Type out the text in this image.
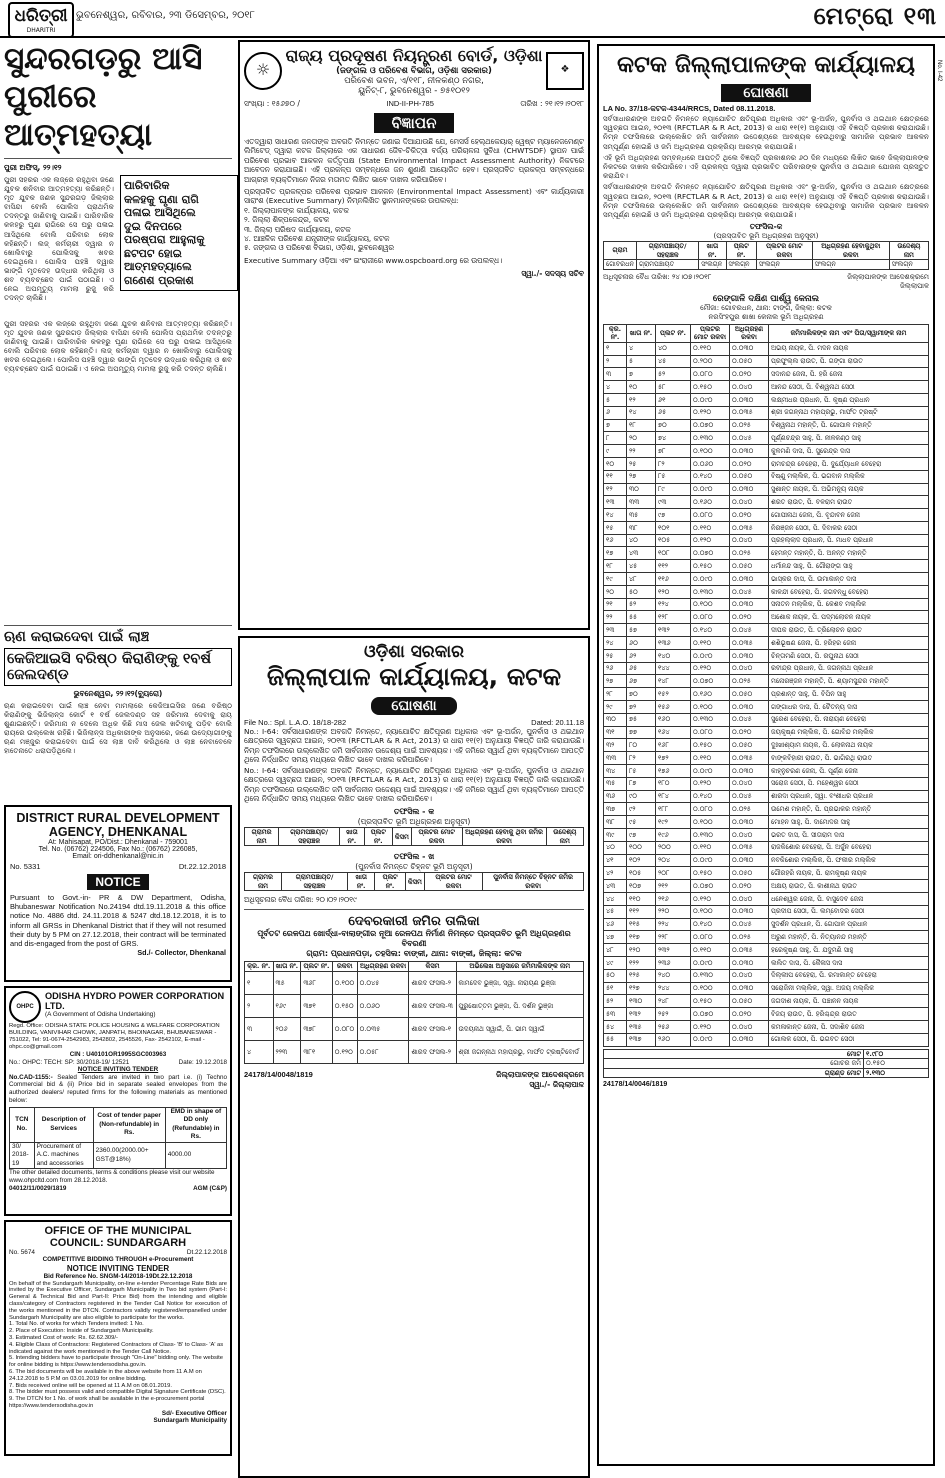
ଧରିତ୍ରୀ
DHARITRI
ଭୁବନେଶ୍ୱର, ରବିବାର, ୨୩ ଡିସେମ୍ବର, ୨୦୧୮	ମେଟ୍ରୋ ୧୩
ସୁନ୍ଦରଗଡ଼ରୁ ଆସି
ପୁରୀରେ ଆତ୍ମହତ୍ୟା
ପୁରୀ ଅଫିସ୍, ୨୨।୧୨
ପାରିବାରିକ
କଳହକୁ ଘୃଣା ରାଗି
ପଳାଇ ଆସିଥିଲେ
ଦୁଇ ଦିନପରେ
ପରଷ୍ପରା ଆହୁଲାକୁ
ଛଟପଟ ହୋଇ
ଆତ୍ମହତ୍ୟାଲେ
ଗଣେଶ ପ୍ରକାଶ
ପୁରୀ ସହରର ଏକ ଲଜ୍‌ରେ ରହୁଥିବା ଜଣେ ଯୁବକ ଶନିବାର ଆତ୍ମହତ୍ୟା କରିଛନ୍ତି। ମୃତ ଯୁବକ ଜଣକ ସୁନ୍ଦରଗଡ଼ ଜିଲ୍ଲାର ବାସିନ୍ଦା ବୋଲି ପୋଲିସ ପ୍ରାଥମିକ ତଦନ୍ତରୁ ଜାଣିବାକୁ ପାଇଛି। ପାରିବାରିକ କଳହରୁ ଘୃଣା ରାଗିରେ ସେ ଘରୁ ପଳାଇ ଆସିଥିଲେ ବୋଲି ପରିବାର ଲୋକ କହିଛନ୍ତି। ଲଜ୍ କର୍ମଚାରୀ ଦ୍ୱାର ନ ଖୋଲିବାରୁ ପୋଲିସକୁ ଖବର ଦେଇଥିଲେ। ପୋଲିସ ପହଞ୍ଚି ଦ୍ୱାର ଭାଙ୍ଗି ମୃତଦେହ ଉଦ୍ଧାର କରିଥିଲା ଓ ଶବ ବ୍ୟବଚ୍ଛେଦ ପାଇଁ ପଠାଇଛି। ଏ ନେଇ ଅପମୃତ୍ୟୁ ମାମଲା ରୁଜୁ କରି ତଦନ୍ତ ଚାଲିଛି।
ପୁରୀ ସହରର ଏକ ଲଜ୍‌ରେ ରହୁଥିବା ଜଣେ ଯୁବକ ଶନିବାର ଆତ୍ମହତ୍ୟା କରିଛନ୍ତି। ମୃତ ଯୁବକ ଜଣକ ସୁନ୍ଦରଗଡ଼ ଜିଲ୍ଲାର ବାସିନ୍ଦା ବୋଲି ପୋଲିସ ପ୍ରାଥମିକ ତଦନ୍ତରୁ ଜାଣିବାକୁ ପାଇଛି। ପାରିବାରିକ କଳହରୁ ଘୃଣା ରାଗିରେ ସେ ଘରୁ ପଳାଇ ଆସିଥିଲେ ବୋଲି ପରିବାର ଲୋକ କହିଛନ୍ତି। ଲଜ୍ କର୍ମଚାରୀ ଦ୍ୱାର ନ ଖୋଲିବାରୁ ପୋଲିସକୁ ଖବର ଦେଇଥିଲେ। ପୋଲିସ ପହଞ୍ଚି ଦ୍ୱାର ଭାଙ୍ଗି ମୃତଦେହ ଉଦ୍ଧାର କରିଥିଲା ଓ ଶବ ବ୍ୟବଚ୍ଛେଦ ପାଇଁ ପଠାଇଛି। ଏ ନେଇ ଅପମୃତ୍ୟୁ ମାମଲା ରୁଜୁ କରି ତଦନ୍ତ ଚାଲିଛି।
ଋଣ କରାଇଦେବା ପାଇଁ ଲାଞ୍ଚ
କେଜିଆଇସି ବରିଷ୍ଠ କିରାଣିଙ୍କୁ ୧ବର୍ଷ ଜେଲଦଣ୍ଡ
ଭୁବନେଶ୍ୱର, ୨୨।୧୨(ବ୍ୟୁରୋ)
ଋଣ କରାଇଦେବା ପାଇଁ ଲାଞ୍ଚ ନେବା ମାମଲାରେ କେଜିଆଇସିର ଜଣେ ବରିଷ୍ଠ କିରାଣିଙ୍କୁ ଭିଜିଲାନ୍ସ କୋର୍ଟ ୧ ବର୍ଷ ଜେଲଦଣ୍ଡ ସହ ଜରିମାନା ଦେବାକୁ ରାୟ ଶୁଣାଇଛନ୍ତି। ଜରିମାନା ନ ଦେଲେ ଅଧିକ କିଛି ମାସ ଜେଲ ଖଟିବାକୁ ପଡ଼ିବ ବୋଲି ରାୟରେ ଉଲ୍ଲେଖ ରହିଛି। ଭିଜିଲାନ୍ସ ଅଧିକାରୀଙ୍କ ଅନୁସାରେ, ଜଣେ ଉଦ୍ୟୋଗୀଙ୍କୁ ଋଣ ମଞ୍ଜୁର କରାଇଦେବା ପାଇଁ ସେ ଲାଞ୍ଚ ଦାବି କରିଥିଲେ ଓ ଲାଞ୍ଚ ନେବାବେଳେ ହାତେନାତେ ଧରାପଡ଼ିଥିଲେ।
DISTRICT RURAL DEVELOPMENT
AGENCY, DHENKANAL
At: Mahisapat, PO/Dist.: Dhenkanal - 759001
Tel. No. (06762) 224506, Fax No.: (06762) 226085,
Email: ori-ddhenkanal@nic.in
No. 5331	Dt.22.12.2018
NOTICE
Pursuant to Govt.-in- PR & DW Department, Odisha, Bhubaneswar Notification No.24194 dtd.19.11.2018 & this office notice No. 4886 dtd. 24.11.2018 & 5247 dtd.18.12.2018, it is to inform all GRSs in Dhenkanal District that if they will not resumed their duty by 5 PM on 27.12.2018, their contract will be terminated and dis-engaged from the post of GRS.
Sd./- Collector, Dhenkanal
OHPC
ODISHA HYDRO POWER CORPORATION LTD.
(A Government of Odisha Undertaking)
Regd. Office: ODISHA STATE POLICE HOUSING & WELFARE CORPORATION BUILDING, VANIVIHAR CHOWK, JANPATH, BHOINAGAR, BHUBANESWAR - 751022, Tel: 91-0674-2542983, 2542802, 2545526, Fax- 2542102, E-mail - ohpc.co@gmail.com
CIN : U40101OR1995SGC003963
No.: OHPC: TECH: SP: 30/2018-19/ 12521	Date: 19.12.2018
NOTICE INVITING TENDER
No.CAD-1155:- Sealed Tenders are invited in two part i.e. (i) Techno Commercial bid & (ii) Price bid in separate sealed envelopes from the authorized dealers/ reputed firms for the following materials as mentioned below:
TCN No.	Description of Services	Cost of tender paper (Non-refundable) in Rs.	EMD in shape of DD only (Refundable) in Rs.
30/ 2018-19	Procurement of A.C. machines and accessories	2360.00(2000.00+ GST@18%)	4000.00
The other detailed documents, terms & conditions please visit our website www.ohpcltd.com from 28.12.2018.
04012/11/0029/1819	AGM (C&P)
OFFICE OF THE MUNICIPAL
COUNCIL: SUNDARGARH
No. 5674	Dt.22.12.2018
COMPETITIVE BIDDING THROUGH e-Procurement
NOTICE INVITING TENDER
Bid Reference No. SNGM-14/2018-19Dt.22.12.2018
On behalf of the Sundargarh Municipality, on-line e-tender Percentage Rate Bids are invited by the Executive Officer, Sundargarh Municipality in Two bid system (Part-I: General & Technical Bid and Part-II: Price Bid) from the intending and eligible class/category of Contractors registered in the Tender Call Notice for execution of the works mentioned in the DTCN. Contractors validly registered/empanelled under Sundargarh Municipality are also eligible to participate for the works.
1. Total No. of works for which Tenders invited: 1 No.
2. Place of Execution: Inside of Sundargarh Municipality.
3. Estimated Cost of work: Rs. 62.62.309/-
4. Eligible Class of Contractors: Registered Contractors of Class- 'B' to Class- 'A' as indicated against the work mentioned in the Tender Call Notice.
5. Intending bidders have to participate through "On-Line" bidding only. The website for online bidding is https://www.tendersodisha.gov.in.
6. The bid documents will be available in the above website from 11 A.M on 24.12.2018 to 5 P.M on 03.01.2019 for online bidding.
7. Bids received online will be opened at 11 A.M on 08.01.2019.
8. The bidder must possess valid and compatible Digital Signature Certificate (DSC).
9. The DTCN for 1 No. of work shall be available in the e-procurement portal https://www.tendersodisha.gov.in
Sd/- Executive Officer
Sundargarh Municipality
☼
ରାଜ୍ୟ ପ୍ରଦୂଷଣ ନିୟନ୍ତ୍ରଣ ବୋର୍ଡ, ଓଡ଼ିଶା
(ଜଙ୍ଗଲ ଓ ପରିବେଶ ବିଭାଗ, ଓଡ଼ିଶା ସରକାର)
ପରିବେଶ ଭବନ, ଏ/୧୧୮, ନୀଳକଣ୍ଠ ନଗର,
ୟୁନିଟ୍-୮, ଭୁବନେଶ୍ୱର - ୭୫୧୦୧୨
❖
ସଂଖ୍ୟା : ୧୫୬୭୦ /	IND-II-PH-785	ତାରିଖ : ୨୧।୧୨।୨୦୧୮
ବିଜ୍ଞାପନ
ଏତଦ୍ୱାରା ସାଧାରଣ ଜନତାଙ୍କ ଅବଗତି ନିମନ୍ତେ ଜଣାଇ ଦିଆଯାଉଛି ଯେ, ମେସର୍ସ ହେଲ୍ଥକେୟାର୍ ୱେଷ୍ଟ ମ୍ୟାନେଜମେଣ୍ଟ ଲିମିଟେଡ୍ ଦ୍ୱାରା କଟକ ଜିଲ୍ଲାରେ ଏକ ସାଧାରଣ ଜୈବ-ଚିକିତ୍ସା ବର୍ଜ୍ୟ ପରିଚାଳନା ସୁବିଧା (CHWTSDF) ସ୍ଥାପନ ପାଇଁ ପରିବେଶ ପ୍ରଭାବ ଆକଳନ କର୍ତ୍ତୃପକ୍ଷ (State Environmental Impact Assessment Authority) ନିକଟରେ ଆବେଦନ କରାଯାଇଛି। ଏହି ପ୍ରକଳ୍ପ ସମ୍ବନ୍ଧରେ ଜନ ଶୁଣାଣି ଆୟୋଜିତ ହେବ। ପ୍ରସ୍ତାବିତ ପ୍ରକଳ୍ପ ସମ୍ବନ୍ଧରେ ଆଗ୍ରହୀ ବ୍ୟକ୍ତିମାନେ ନିଜର ମତାମତ ଲିଖିତ ଭାବେ ଦାଖଲ କରିପାରିବେ।
ପ୍ରସ୍ତାବିତ ପ୍ରକଳ୍ପର ପରିବେଶ ପ୍ରଭାବ ଆକଳନ (Environmental Impact Assessment) ଏବଂ କାର୍ଯ୍ୟକାରୀ ସାରାଂଶ (Executive Summary) ନିମ୍ନଲିଖିତ ସ୍ଥାନମାନଙ୍କରେ ଉପଲବ୍ଧ:
୧. ଜିଲ୍ଲାପାଳଙ୍କ କାର୍ଯ୍ୟାଳୟ, କଟକ
୨. ଜିଲ୍ଲା ଶିଳ୍ପକେନ୍ଦ୍ର, କଟକ
୩. ଜିଲ୍ଲା ପରିଷଦ କାର୍ଯ୍ୟାଳୟ, କଟକ
୪. ଆଞ୍ଚଳିକ ପରିବେଶ ଯନ୍ତ୍ରୀଙ୍କ କାର୍ଯ୍ୟାଳୟ, କଟକ
୫. ଜଙ୍ଗଲ ଓ ପରିବେଶ ବିଭାଗ, ଓଡ଼ିଶା, ଭୁବନେଶ୍ୱର
Executive Summary ଓଡ଼ିଆ ଏବଂ ଇଂରାଜୀରେ www.ospcboard.org ରେ ଉପଲବ୍ଧ।
ସ୍ୱା./- ସଦସ୍ୟ ସଚିବ
ଓଡ଼ିଶା ସରକାର
ଜିଲ୍ଲାପାଳ କାର୍ଯ୍ୟାଳୟ, କଟକ
ଘୋଷଣା
File No.: Spl. L.A.O. 18/18-282	Dated: 20.11.18
No.: I-64: ସର୍ବସାଧାରଣଙ୍କ ଅବଗତି ନିମନ୍ତେ, ନ୍ୟାଯୋଚିତ କ୍ଷତିପୂରଣ ଅଧିକାର ଏବଂ ଭୂ-ଅର୍ଜନ, ପୁନର୍ବାସ ଓ ଥଇଥାନ କ୍ଷେତ୍ରରେ ସ୍ୱଚ୍ଛତା ଆଇନ, ୨୦୧୩ (RFCTLAR & R Act, 2013) ର ଧାରା ୧୧(୧) ଅନୁଯାୟୀ ବିଜ୍ଞପ୍ତି ଜାରି କରାଯାଉଛି। ନିମ୍ନ ତଫସିଲରେ ଉଲ୍ଲେଖିତ ଜମି ସାର୍ବଜନୀନ ଉଦ୍ଦେଶ୍ୟ ପାଇଁ ଆବଶ୍ୟକ। ଏହି ଜମିରେ ସ୍ୱାର୍ଥ ଥିବା ବ୍ୟକ୍ତିମାନେ ଆପତ୍ତି ଥିଲେ ନିର୍ଦ୍ଧାରିତ ସମୟ ମଧ୍ୟରେ ଲିଖିତ ଭାବେ ଦାଖଲ କରିପାରିବେ।
No.: I-64: ସର୍ବସାଧାରଣଙ୍କ ଅବଗତି ନିମନ୍ତେ, ନ୍ୟାଯୋଚିତ କ୍ଷତିପୂରଣ ଅଧିକାର ଏବଂ ଭୂ-ଅର୍ଜନ, ପୁନର୍ବାସ ଓ ଥଇଥାନ କ୍ଷେତ୍ରରେ ସ୍ୱଚ୍ଛତା ଆଇନ, ୨୦୧୩ (RFCTLAR & R Act, 2013) ର ଧାରା ୧୧(୧) ଅନୁଯାୟୀ ବିଜ୍ଞପ୍ତି ଜାରି କରାଯାଉଛି। ନିମ୍ନ ତଫସିଲରେ ଉଲ୍ଲେଖିତ ଜମି ସାର୍ବଜନୀନ ଉଦ୍ଦେଶ୍ୟ ପାଇଁ ଆବଶ୍ୟକ। ଏହି ଜମିରେ ସ୍ୱାର୍ଥ ଥିବା ବ୍ୟକ୍ତିମାନେ ଆପତ୍ତି ଥିଲେ ନିର୍ଦ୍ଧାରିତ ସମୟ ମଧ୍ୟରେ ଲିଖିତ ଭାବେ ଦାଖଲ କରିପାରିବେ।
ତଫସିଲ - କ
(ପ୍ରସ୍ତାବିତ ଭୂମି ଅଧିଗ୍ରହଣ ଅନୁସୂଚୀ)
ଗ୍ରାମର ନାମ	ଗ୍ରାମପଞ୍ଚାୟତ/ ସହରାଞ୍ଚଳ	ଖାତା ନଂ.	ପ୍ଲଟ ନଂ.	କିସମ	ପ୍ଲଟର ମୋଟ ରକବା	ଅଧିଗ୍ରହଣ ହେବାକୁ ଥିବା ଜମିର ରକବା	ଉଦ୍ଦେଶ୍ୟ ନାମ
ତଫସିଲ - ଖ
(ପୁନର୍ବାସ ନିମନ୍ତେ ଚିହ୍ନଟ ଭୂମି ଅନୁସୂଚୀ)
ଗ୍ରାମର ନାମ	ଗ୍ରାମପଞ୍ଚାୟତ/ ସହରାଞ୍ଚଳ	ଖାତା ନଂ.	ପ୍ଲଟ ନଂ.	କିସମ	ପ୍ଲଟର ମୋଟ ରକବା	ପୁନର୍ବାସ ନିମନ୍ତେ ଚିହ୍ନଟ ଜମିର ରକବା
ଅଧିସୂଚନାର ବୈଧ ତାରିଖ: ୨୦।୦୨।୨୦୧୯
ଦେବରକାରୀ ଜମିର ତାଲିକା
ପୂର୍ବତଟ ରେଳପଥ ଖୋର୍ଦ୍ଧା-ବାଲାଙ୍ଗୀର ନୂଆ ରେଳପଥ ନିର୍ମାଣ ନିମନ୍ତେ ପ୍ରସ୍ତାବିତ ଭୂମି ଅଧିଗ୍ରହଣର ବିବରଣୀ
ଗ୍ରାମ: ପ୍ରଧାନପଡ଼ା, ତହସିଲ: ବାଙ୍କୀ, ଥାନା: ବାଙ୍କୀ, ଜିଲ୍ଲା: କଟକ
କ୍ର. ନଂ.	ଖାତା ନଂ.	ପ୍ଲଟ ନଂ.	ରକବା	ଅଧିଗ୍ରହଣ ରକବା	କିସମ	ଅଭିଲେଖ ଅନୁସାରେ ଜମିମାଲିକଙ୍କ ନାମ
୧	୩୫	୩୬୮	୦.୧୦୦	୦.୦୪୫	ଶାରଦ ଫସଲ-୨	କାମଦେବ ଭୁଞ୍ଜା, ସ୍ୱା. ନାରାୟଣ ଭୁଞ୍ଜା
୨	୧୬୯	୩୭୧	୦.୧୫୦	୦.୦୬୦	ଶାରଦ ଫସଲ-୩	ପୁରୁଷୋତ୍ତମ ଭୁଞ୍ଜା, ପି. ଦର୍ଶନ ଭୁଞ୍ଜା
୩	୨୦୬	୩୭୮	୦.୦୮୦	୦.୦୩୫	ଶାରଦ ଫସଲ-୧	ଉଦୟନାଥ ସ୍ୱାଇଁ, ପି. ଭୀମ ସ୍ୱାଇଁ
୪	୨୨୩	୩୮୧	୦.୧୨୦	୦.୦୫୮	ଶାରଦ ଫସଲ-୨	ଶ୍ରୀ ଜଗନ୍ନାଥ ମହାପ୍ରଭୁ, ମାର୍ଫତ ଟ୍ରଷ୍ଟିବୋର୍ଡ
24178/14/0048/1819	ଜିଲ୍ଲାପାଳଙ୍କ ଆଦେଶକ୍ରମେ
ସ୍ୱା./- ଜିଲ୍ଲାପାଳ
କଟକ ଜିଲ୍ଲାପାଳଙ୍କ କାର୍ଯ୍ୟାଳୟ
ଘୋଷଣା
LA No. 37/18-କଟକ-4344/RRCS, Dated 08.11.2018.
ସର୍ବସାଧାରଣଙ୍କ ଅବଗତି ନିମନ୍ତେ ନ୍ୟାଯୋଚିତ କ୍ଷତିପୂରଣ ଅଧିକାର ଏବଂ ଭୂ-ଅର୍ଜନ, ପୁନର୍ବାସ ଓ ଥଇଥାନ କ୍ଷେତ୍ରରେ ସ୍ୱଚ୍ଛତା ଆଇନ, ୨୦୧୩ (RFCTLAR & R Act, 2013) ର ଧାରା ୧୧(୧) ଅନୁଯାୟୀ ଏହି ବିଜ୍ଞପ୍ତି ପ୍ରକାଶ କରାଯାଉଛି। ନିମ୍ନ ତଫସିଲରେ ଉଲ୍ଲେଖିତ ଜମି ସାର୍ବଜନୀନ ଉଦ୍ଦେଶ୍ୟରେ ଆବଶ୍ୟକ ହେଉଥିବାରୁ ସାମାଜିକ ପ୍ରଭାବ ଆକଳନ ସମ୍ପୂର୍ଣ୍ଣ ହୋଇଛି ଓ ଜମି ଅଧିଗ୍ରହଣ ପ୍ରକ୍ରିୟା ଆରମ୍ଭ କରାଯାଉଛି।
ଏହି ଭୂମି ଅଧିଗ୍ରହଣ ସମ୍ବନ୍ଧରେ ଆପତ୍ତି ଥିଲେ ବିଜ୍ଞପ୍ତି ପ୍ରକାଶନର ୬୦ ଦିନ ମଧ୍ୟରେ ଲିଖିତ ଭାବେ ଜିଲ୍ଲାପାଳଙ୍କ ନିକଟରେ ଦାଖଲ କରିପାରିବେ। ଏହି ପ୍ରକଳ୍ପ ଦ୍ୱାରା ପ୍ରଭାବିତ ପରିବାରଙ୍କ ପୁନର୍ବାସ ଓ ଥଇଥାନ ଯୋଜନା ପ୍ରସ୍ତୁତ କରାଯିବ।
ସର୍ବସାଧାରଣଙ୍କ ଅବଗତି ନିମନ୍ତେ ନ୍ୟାଯୋଚିତ କ୍ଷତିପୂରଣ ଅଧିକାର ଏବଂ ଭୂ-ଅର୍ଜନ, ପୁନର୍ବାସ ଓ ଥଇଥାନ କ୍ଷେତ୍ରରେ ସ୍ୱଚ୍ଛତା ଆଇନ, ୨୦୧୩ (RFCTLAR & R Act, 2013) ର ଧାରା ୧୧(୧) ଅନୁଯାୟୀ ଏହି ବିଜ୍ଞପ୍ତି ପ୍ରକାଶ କରାଯାଉଛି। ନିମ୍ନ ତଫସିଲରେ ଉଲ୍ଲେଖିତ ଜମି ସାର୍ବଜନୀନ ଉଦ୍ଦେଶ୍ୟରେ ଆବଶ୍ୟକ ହେଉଥିବାରୁ ସାମାଜିକ ପ୍ରଭାବ ଆକଳନ ସମ୍ପୂର୍ଣ୍ଣ ହୋଇଛି ଓ ଜମି ଅଧିଗ୍ରହଣ ପ୍ରକ୍ରିୟା ଆରମ୍ଭ କରାଯାଉଛି।
ତଫସିଲ-କ
(ପ୍ରସ୍ତାବିତ ଭୂମି ଅଧିଗ୍ରହଣ ଅନୁସୂଚୀ)
ଗ୍ରାମ	ଗ୍ରାମପଞ୍ଚାୟତ/ସହରାଞ୍ଚଳ	ଖାତା ନଂ.	ପ୍ଲଟ ନଂ.	ପ୍ଲଟର ମୋଟ ରକବା	ଅଧିଗ୍ରହଣ ହେବାକୁଥିବା ରକବା	ଉଦ୍ଦେଶ୍ୟ ନାମ
ଗୋବରଧନ	ଗ୍ରାମପଞ୍ଚାୟତ	ସଂଲଗ୍ନ	ସଂଲଗ୍ନ	ସଂଲଗ୍ନ	ସଂଲଗ୍ନ	ସଂଲଗ୍ନ
ଅଧିସୂଚନାର ବୈଧ ତାରିଖ: ୨୪।୦୭।୨୦୧୮	ଜିଲ୍ଲାପାଳଙ୍କ ଆଦେଶକ୍ରମେ
ଜିଲ୍ଲାପାଳ
ରେଙ୍ଗାଳି ଦକ୍ଷିଣ ପାର୍ଶ୍ୱ କେନାଲ
ମୌଜା: ଗୋବରଧନ, ଥାନା: ଟାଙ୍ଗି, ଜିଲ୍ଲା: କଟକ
ନରସିଂହପୁର ଶାଖା କେନାଲ ଭୂମି ଅଧିଗ୍ରହଣ
କ୍ର. ନଂ.	ଖାତା ନଂ.	ପ୍ଲଟ ନଂ.	ପ୍ଲଟର ମୋଟ ରକବା	ଅଧିଗ୍ରହଣ ରକବା	ଜମିମାଲିକଙ୍କ ନାମ ଏବଂ ପିତା/ସ୍ୱାମୀଙ୍କ ନାମ
୧	୪	୪୦	୦.୧୧୦	୦.୦୩୦	ଅଭୟ ନାୟକ, ପି. ମଦନ ନାୟକ
୨	୫	୪୫	୦.୨୦୦	୦.୦୫୦	ପ୍ରଫୁଲ୍ଲ ରାଉତ, ପି. ଗଙ୍ଗା ରାଉତ
୩	୭	୫୨	୦.୦୮୦	୦.୦୨୦	ସଦାନନ୍ଦ ଜେନା, ପି. ହରି ଜେନା
୪	୧୦	୫୮	୦.୧୫୦	୦.୦୪୦	ଆନନ୍ଦ ସେଠୀ, ପି. ବିଶ୍ୱନାଥ ସେଠୀ
୫	୧୨	୬୧	୦.୦୯୦	୦.୦୩୦	ଲକ୍ଷ୍ମୀଧର ପ୍ରଧାନ, ପି. କୃଷ୍ଣ ପ୍ରଧାନ
୬	୧୪	୬୫	୦.୧୨୦	୦.୦୩୫	ଶ୍ରୀ ଜଗନ୍ନାଥ ମହାପ୍ରଭୁ, ମାର୍ଫତ ଟ୍ରଷ୍ଟି
୭	୧୮	୭୦	୦.୦୭୦	୦.୦୨୫	ବିଶ୍ୱନାଥ ମହାନ୍ତି, ପି. ଗୋପାଳ ମହାନ୍ତି
୮	୨୦	୭୪	୦.୧୩୦	୦.୦୪୫	ପୂର୍ଣ୍ଣଚନ୍ଦ୍ର ସାହୁ, ପି. ନୀଳକଣ୍ଠ ସାହୁ
୯	୨୨	୭୮	୦.୧୦୦	୦.୦୩୦	କୁଳମଣି ଦାସ, ପି. ସୁରେନ୍ଦ୍ର ଦାସ
୧୦	୨୫	୮୨	୦.୦୬୦	୦.୦୨୦	ରାମଚନ୍ଦ୍ର ବେହେରା, ପି. ଦୁର୍ଯ୍ୟୋଧନ ବେହେରା
୧୧	୨୭	୮୫	୦.୧୪୦	୦.୦୫୦	ବିଷ୍ଣୁ ମଲ୍ଲିକ, ପି. ଭଗବାନ ମଲ୍ଲିକ
୧୨	୩୦	୮୯	୦.୦୯୦	୦.୦୩୦	ସୁଶାନ୍ତ ନାୟକ, ପି. ଅଭିମନ୍ୟୁ ନାୟକ
୧୩	୩୩	୯୩	୦.୧୬୦	୦.୦୪୦	ଶରତ ରାଉତ, ପି. ବଳରାମ ରାଉତ
୧୪	୩୫	୯୭	୦.୦୮୦	୦.୦୨୦	ଗୋପୀନାଥ ଜେନା, ପି. ବୃନ୍ଦାବନ ଜେନା
୧୫	୩୮	୧୦୧	୦.୧୧୦	୦.୦୩୫	ନିରଞ୍ଜନ ସେଠୀ, ପି. ଦିବାକର ସେଠୀ
୧୬	୪୦	୧୦୫	୦.୧୨୦	୦.୦୪୦	ପ୍ରହଲ୍ଲାଦ ପ୍ରଧାନ, ପି. ମାଧବ ପ୍ରଧାନ
୧୭	୪୩	୧୦୮	୦.୦୭୦	୦.୦୨୫	ହେମନ୍ତ ମହାନ୍ତି, ପି. ଅନନ୍ତ ମହାନ୍ତି
୧୮	୪୫	୧୧୨	୦.୧୫୦	୦.୦୫୦	ଧର୍ମାନନ୍ଦ ସାହୁ, ପି. ଗୌରାଙ୍ଗ ସାହୁ
୧୯	୪୮	୧୧୬	୦.୦୯୦	୦.୦୩୦	ଭାସ୍କର ଦାସ, ପି. ଉମାକାନ୍ତ ଦାସ
୨୦	୫୦	୧୨୦	୦.୧୩୦	୦.୦୪୫	କାଳନ୍ଦୀ ବେହେରା, ପି. ଜଗବନ୍ଧୁ ବେହେରା
୨୧	୫୨	୧୨୪	୦.୧୦୦	୦.୦୩୦	ସନାତନ ମଲ୍ଲିକ, ପି. କେଶବ ମଲ୍ଲିକ
୨୨	୫୫	୧୨୮	୦.୦୮୦	୦.୦୨୦	ଅଶୋକ ନାୟକ, ପି. ପଦ୍ମଲୋଚନ ନାୟକ
୨୩	୫୭	୧୩୨	୦.୧୪୦	୦.୦୪୫	ଦୀପକ ରାଉତ, ପି. ତ୍ରିଲୋଚନ ରାଉତ
୨୪	୬୦	୧୩୬	୦.୧୧୦	୦.୦୩୫	ଶଶିଭୂଷଣ ଜେନା, ପି. ହରିହର ଜେନା
୨୫	୬୨	୧୪୦	୦.୦୯୦	୦.୦୩୦	ଚିନ୍ତାମଣି ସେଠୀ, ପି. ରଘୁନାଥ ସେଠୀ
୨୬	୬୫	୧୪୪	୦.୧୨୦	୦.୦୪୦	ରବୀନ୍ଦ୍ର ପ୍ରଧାନ, ପି. ଜଗନ୍ନାଥ ପ୍ରଧାନ
୨୭	୬୭	୧୪୮	୦.୦୭୦	୦.୦୨୫	ମନୋରଞ୍ଜନ ମହାନ୍ତି, ପି. ଶ୍ୟାମସୁନ୍ଦର ମହାନ୍ତି
୨୮	୭୦	୧୫୨	୦.୧୬୦	୦.୦୫୦	ପ୍ରଶାନ୍ତ ସାହୁ, ପି. ବିପିନ ସାହୁ
୨୯	୭୨	୧୫୬	୦.୧୦୦	୦.୦୩୦	ଗଙ୍ଗାଧର ଦାସ, ପି. ଚୈତନ୍ୟ ଦାସ
୩୦	୭୫	୧୬୦	୦.୧୩୦	୦.୦୪୫	ସୁରେଶ ବେହେରା, ପି. ନାରାୟଣ ବେହେରା
୩୧	୭୭	୧୬୪	୦.୦୮୦	୦.୦୨୦	ଜୟକୃଷ୍ଣ ମଲ୍ଲିକ, ପି. ଗୋବିନ୍ଦ ମଲ୍ଲିକ
୩୨	୮୦	୧୬୮	୦.୧୫୦	୦.୦୫୦	ଦୁଃଖୀଶ୍ୟାମ ନାୟକ, ପି. ଲୋକନାଥ ନାୟକ
୩୩	୮୨	୧୭୨	୦.୧୧୦	୦.୦୩୫	ବାଙ୍କବିହାରୀ ରାଉତ, ପି. ଭାଗିରଥି ରାଉତ
୩୪	୮୫	୧୭୬	୦.୦୯୦	୦.୦୩୦	କାହ୍ନୁଚରଣ ଜେନା, ପି. ପୂର୍ଣ୍ଣ ଜେନା
୩୫	୮୭	୧୮୦	୦.୧୨୦	୦.୦୪୦	ସରୋଜ ସେଠୀ, ପି. ମହେଶ୍ୱର ସେଠୀ
୩୬	୯୦	୧୮୪	୦.୧୪୦	୦.୦୪୫	ଶାରଦା ପ୍ରଧାନ, ସ୍ୱା. ବଂଶୀଧର ପ୍ରଧାନ
୩୭	୯୨	୧୮୮	୦.୦୮୦	୦.୦୨୫	ଉମେଶ ମହାନ୍ତି, ପି. ପ୍ରଭାକର ମହାନ୍ତି
୩୮	୯୫	୧୯୨	୦.୧୦୦	୦.୦୩୦	ମୋହନ ସାହୁ, ପି. ଦାମୋଦର ସାହୁ
୩୯	୯୭	୧୯୬	୦.୧୩୦	୦.୦୪୦	ଭରତ ଦାସ, ପି. ସୀତାରାମ ଦାସ
୪୦	୧୦୦	୨୦୦	୦.୧୧୦	୦.୦୩୫	ରାଜକିଶୋର ବେହେରା, ପି. ଅର୍ଜୁନ ବେହେରା
୪୧	୧୦୨	୨୦୪	୦.୦୯୦	୦.୦୩୦	ନବକିଶୋର ମଲ୍ଲିକ, ପି. ଫକୀର ମଲ୍ଲିକ
୪୨	୧୦୫	୨୦୮	୦.୧୫୦	୦.୦୫୦	ଗୌରହରି ନାୟକ, ପି. ରାମକୃଷ୍ଣ ନାୟକ
୪୩	୧୦୭	୨୧୨	୦.୦୭୦	୦.୦୨୦	ଅକ୍ଷୟ ରାଉତ, ପି. କାଶୀନାଥ ରାଉତ
୪୪	୧୧୦	୨୧୬	୦.୧୨୦	୦.୦୪୦	ଧନେଶ୍ୱର ଜେନା, ପି. ବାସୁଦେବ ଜେନା
୪୫	୧୧୨	୨୨୦	୦.୧୦୦	୦.୦୩୦	ପ୍ରଦୀପ ସେଠୀ, ପି. ଲମ୍ବୋଦର ସେଠୀ
୪୬	୧୧୫	୨୨୪	୦.୧୪୦	୦.୦୪୫	ସୁଦର୍ଶନ ପ୍ରଧାନ, ପି. ଗୋପାଳ ପ୍ରଧାନ
୪୭	୧୧୭	୨୨୮	୦.୦୮୦	୦.୦୨୫	ଅରୁଣ ମହାନ୍ତି, ପି. ନିତ୍ୟାନନ୍ଦ ମହାନ୍ତି
୪୮	୧୨୦	୨୩୨	୦.୧୧୦	୦.୦୩୫	ହରେକୃଷ୍ଣ ସାହୁ, ପି. ଯଦୁମଣି ସାହୁ
୪୯	୧୨୨	୨୩୬	୦.୦୯୦	୦.୦୩୦	ଲଲିତ ଦାସ, ପି. କୈଳାସ ଦାସ
୫୦	୧୨୫	୨୪୦	୦.୧୩୦	୦.୦୪୦	ଦିଲ୍ଲୀପ ବେହେରା, ପି. ରମାକାନ୍ତ ବେହେରା
୫୧	୧୨୭	୨୪୪	୦.୧୦୦	୦.୦୩୦	ସରୋଜିନୀ ମଲ୍ଲିକ, ସ୍ୱା. ଅଜୟ ମଲ୍ଲିକ
୫୨	୧୩୦	୨୪୮	୦.୧୫୦	୦.୦୫୦	ଜଗଦୀଶ ନାୟକ, ପି. ପଞ୍ଚାନନ ନାୟକ
୫୩	୧୩୨	୨୫୨	୦.୦୭୦	୦.୦୨୦	ବିଜୟ ରାଉତ, ପି. ହରିଶ୍ଚନ୍ଦ୍ର ରାଉତ
୫୪	୧୩୫	୨୫୬	୦.୧୨୦	୦.୦୪୦	କମଳାକାନ୍ତ ଜେନା, ପି. ସଦାଶିବ ଜେନା
୫୫	୧୩୭	୨୬୦	୦.୦୯୦	୦.୦୩୦	ଗୋଲକ ସେଠୀ, ପି. ଭଗବତ ସେଠୀ
ମୋଟ	୧.୯୮୦
ଗୋଚର ଜମି	୦.୧୫୦
ଗ୍ରାଣ୍ଡ ମୋଟ	୨.୧୩୦
24178/14/0046/1819
No. I-42
